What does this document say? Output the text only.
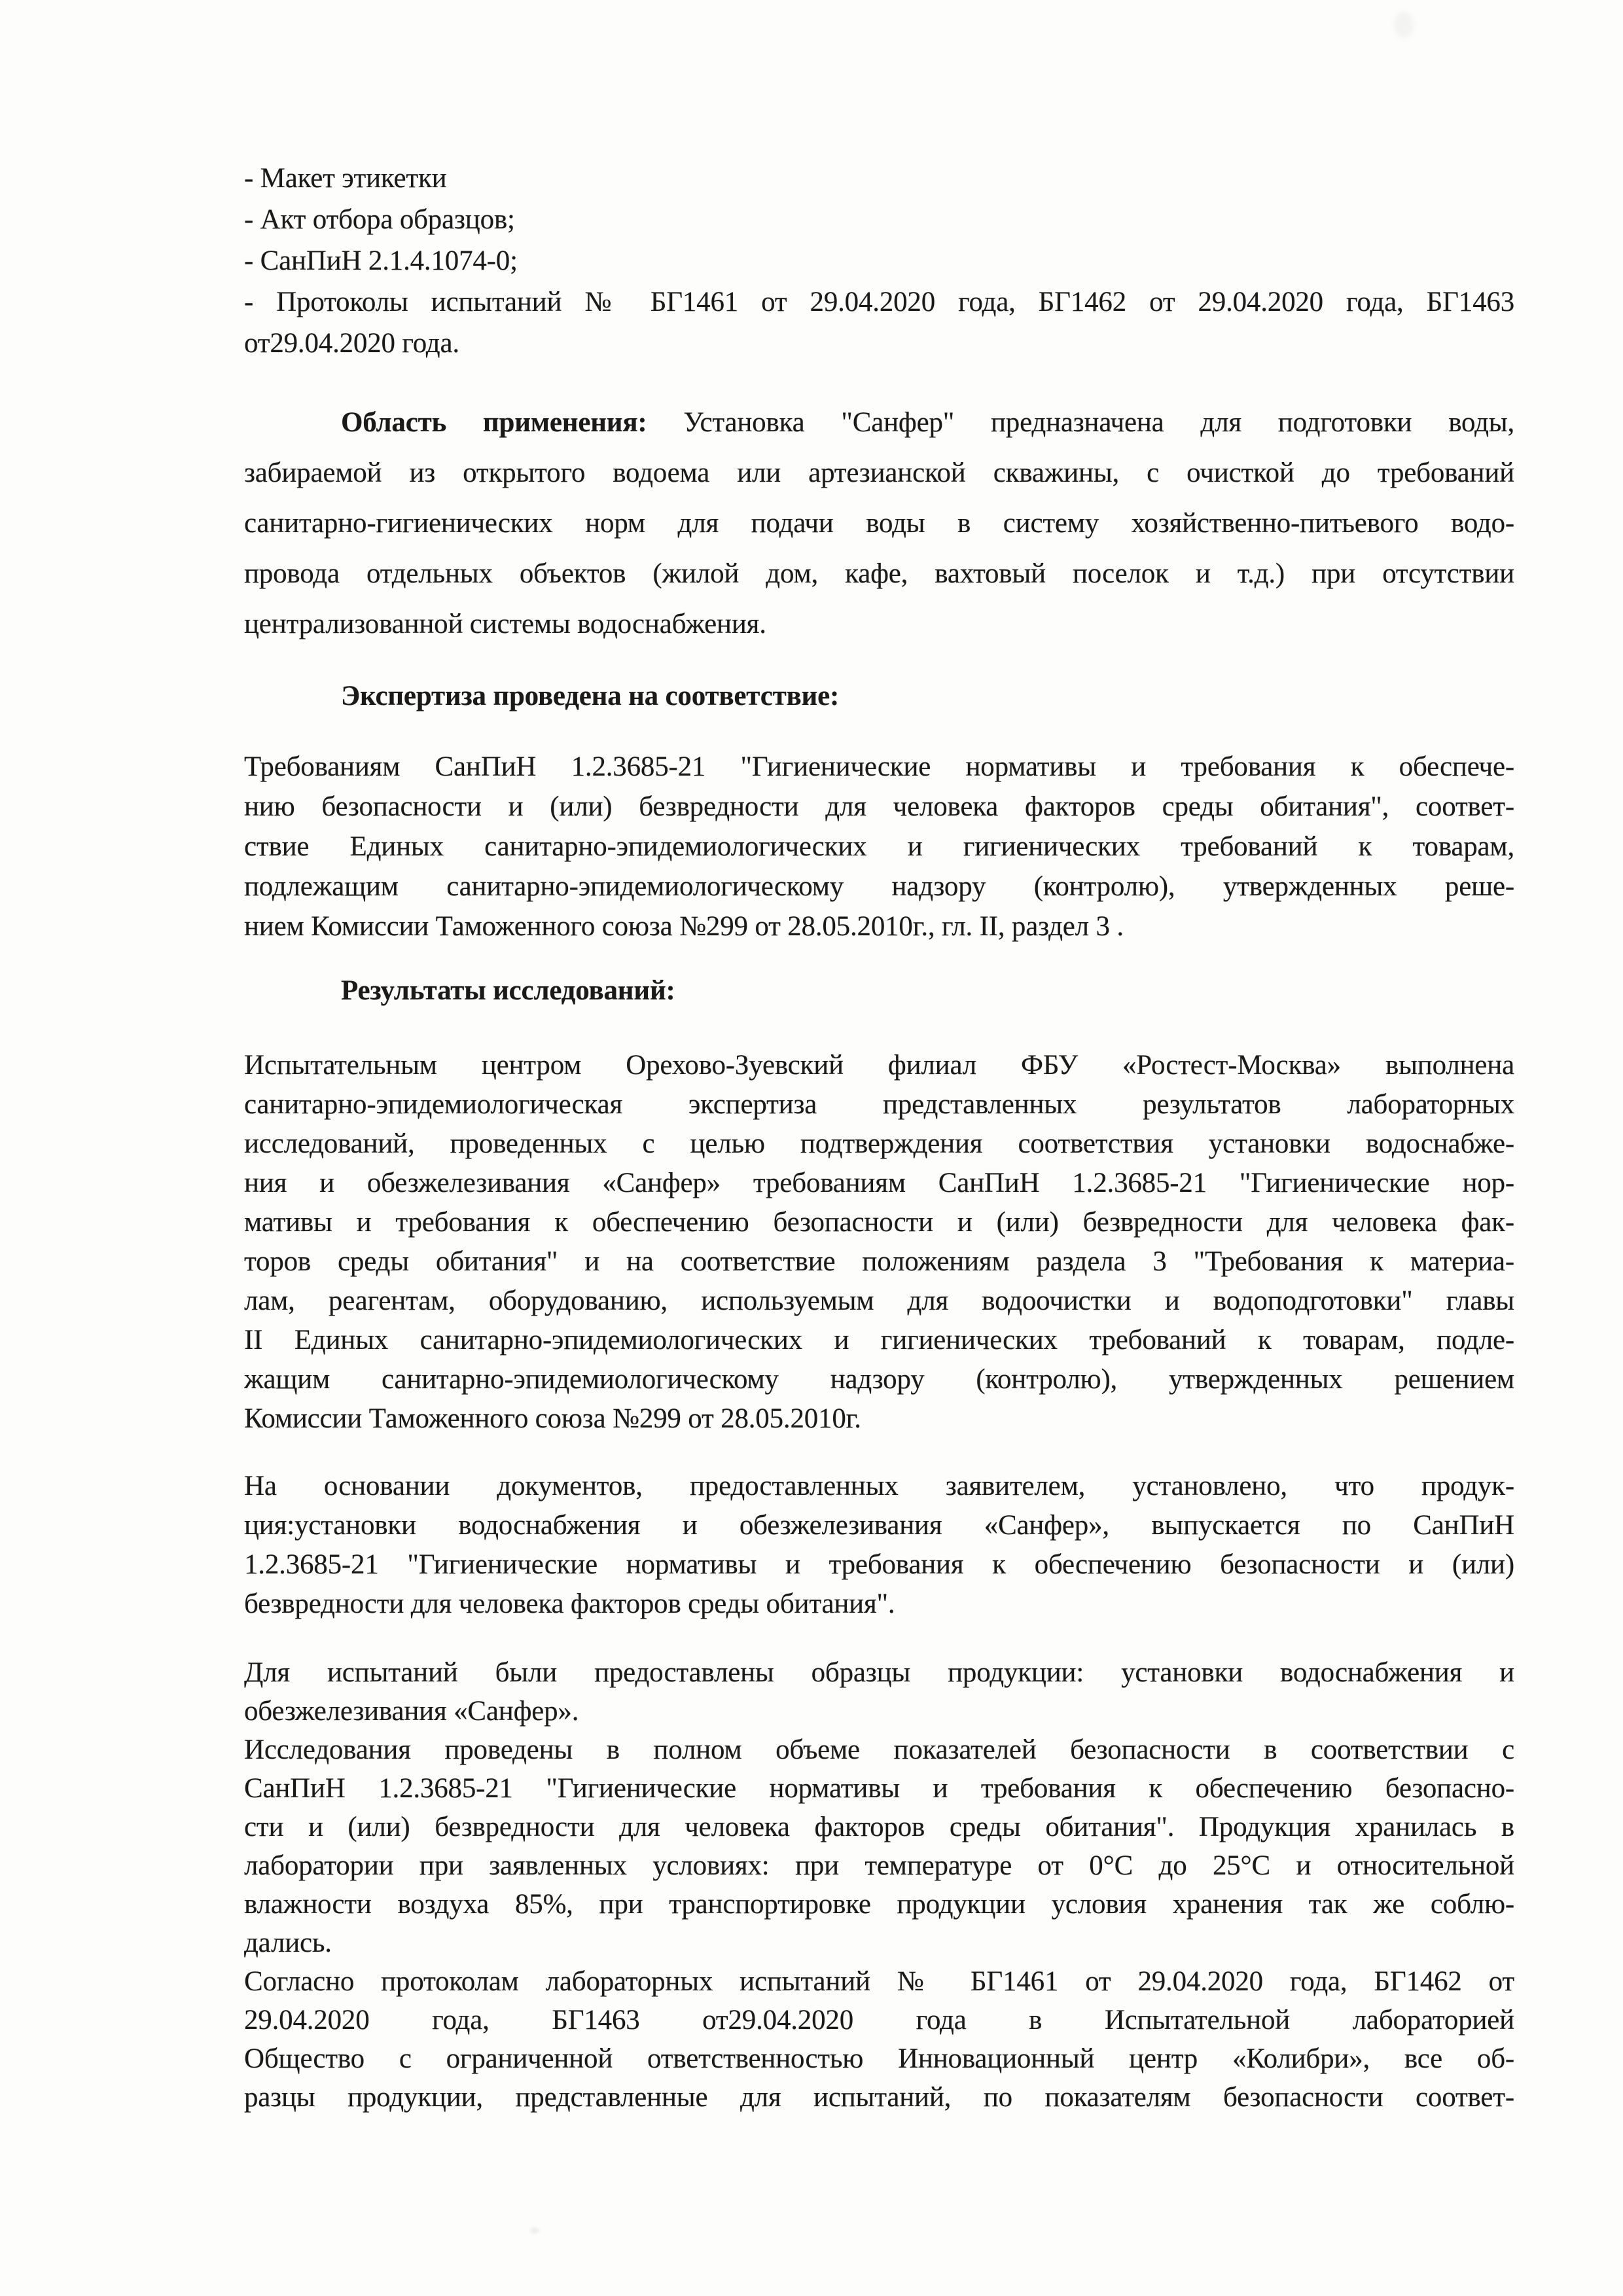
- Макет этикетки
- Акт отбора образцов;
- СанПиН 2.1.4.1074-0;
- Протоколы испытаний № БГ1461 от 29.04.2020 года, БГ1462 от 29.04.2020 года, БГ1463
от29.04.2020 года.
Область применения: Установка "Санфер" предназначена для подготовки воды,
забираемой из открытого водоема или артезианской скважины, с очисткой до требований
санитарно-гигиенических норм для подачи воды в систему хозяйственно-питьевого водо-
провода отдельных объектов (жилой дом, кафе, вахтовый поселок и т.д.) при отсутствии
централизованной системы водоснабжения.

Экспертиза проведена на соответствие:

Требованиям СанПиН 1.2.3685-21 "Гигиенические нормативы и требования к обеспече-
нию безопасности и (или) безвредности для человека факторов среды обитания", соответ-
ствие Единых санитарно-эпидемиологических и гигиенических требований к товарам,
подлежащим санитарно-эпидемиологическому надзору (контролю), утвержденных реше-
нием Комиссии Таможенного союза №299 от 28.05.2010г., гл. II, раздел 3 .

Результаты исследований:

Испытательным центром Орехово-Зуевский филиал ФБУ «Ростест-Москва» выполнена
санитарно-эпидемиологическая экспертиза представленных результатов лабораторных
исследований, проведенных с целью подтверждения соответствия установки водоснабже-
ния и обезжелезивания «Санфер» требованиям СанПиН 1.2.3685-21 "Гигиенические нор-
мативы и требования к обеспечению безопасности и (или) безвредности для человека фак-
торов среды обитания" и на соответствие положениям раздела 3 "Требования к материа-
лам, реагентам, оборудованию, используемым для водоочистки и водоподготовки" главы
II Единых санитарно-эпидемиологических и гигиенических требований к товарам, подле-
жащим санитарно-эпидемиологическому надзору (контролю), утвержденных решением
Комиссии Таможенного союза №299 от 28.05.2010г.
На основании документов, предоставленных заявителем, установлено, что продук-
ция:установки водоснабжения и обезжелезивания «Санфер», выпускается по СанПиН
1.2.3685-21 "Гигиенические нормативы и требования к обеспечению безопасности и (или)
безвредности для человека факторов среды обитания".
Для испытаний были предоставлены образцы продукции: установки водоснабжения и
обезжелезивания «Санфер».
Исследования проведены в полном объеме показателей безопасности в соответствии с
СанПиН 1.2.3685-21 "Гигиенические нормативы и требования к обеспечению безопасно-
сти и (или) безвредности для человека факторов среды обитания". Продукция хранилась в
лаборатории при заявленных условиях: при температуре от 0°С до 25°С и относительной
влажности воздуха 85%, при транспортировке продукции условия хранения так же соблю-
дались.
Согласно протоколам лабораторных испытаний № БГ1461 от 29.04.2020 года, БГ1462 от
29.04.2020 года, БГ1463 от29.04.2020 года в Испытательной лабораторией
Общество с ограниченной ответственностью Инновационный центр «Колибри», все об-
разцы продукции, представленные для испытаний, по показателям безопасности соответ-
